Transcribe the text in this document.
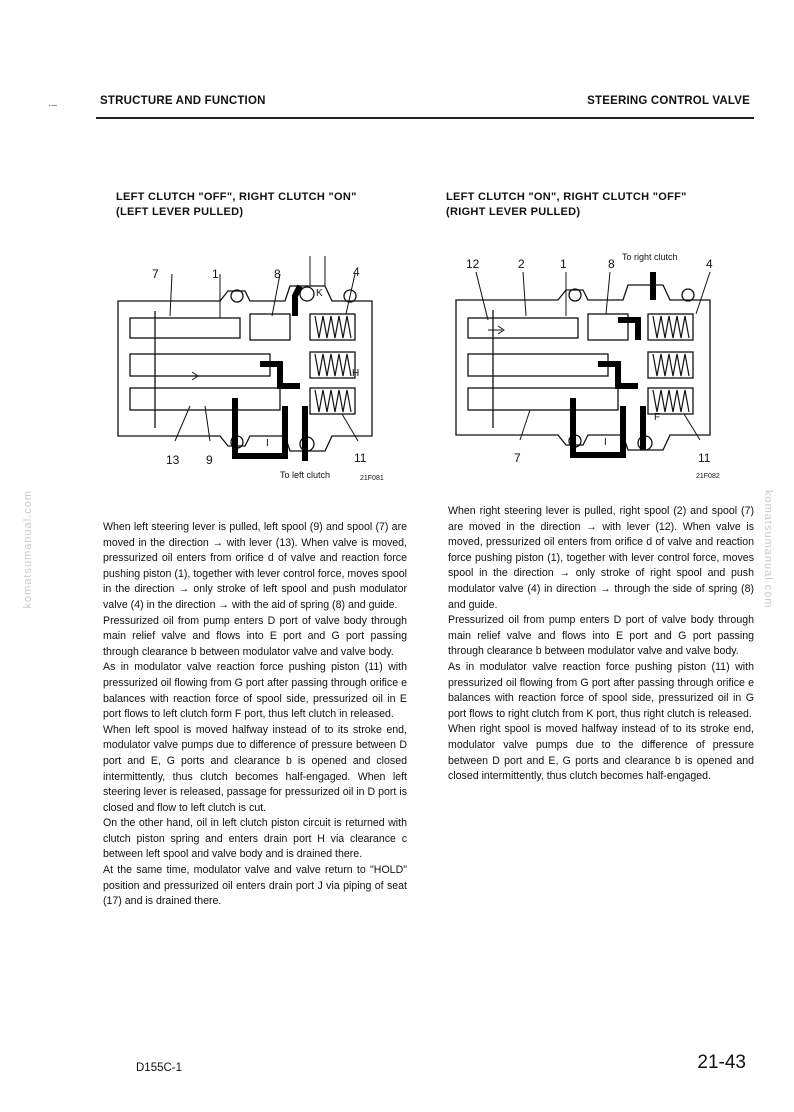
·–	STRUCTURE AND FUNCTION	STEERING CONTROL VALVE
LEFT CLUTCH "OFF", RIGHT CLUTCH "ON"
(LEFT LEVER PULLED)
LEFT CLUTCH "ON", RIGHT CLUTCH "OFF"
(RIGHT LEVER PULLED)
7	1	8	4
K
H
I
13 9	11
To left clutch	21F081
12	2	1	8	4
To right clutch
F
I
7	11
21F082

When left steering lever is pulled, left spool (9) and spool (7) are moved in the direction → with lever (13). When valve is moved, pressurized oil enters from orifice d of valve and reaction force pushing piston (1), together with lever control force, moves spool in the direction → only stroke of left spool and push modulator valve (4) in the direction → with the aid of spring (8) and guide.

Pressurized oil from pump enters D port of valve body through main relief valve and flows into E port and G port passing through clearance b between modulator valve and valve body.

As in modulator valve reaction force pushing piston (11) with pressurized oil flowing from G port after passing through orifice e balances with reaction force of spool side, pressurized oil in E port flows to left clutch form F port, thus left clutch in released.

When left spool is moved halfway instead of to its stroke end, modulator valve pumps due to difference of pressure between D port and E, G ports and clearance b is opened and closed intermittently, thus clutch becomes half-engaged. When left steering lever is released, passage for pressurized oil in D port is closed and flow to left clutch is cut.

On the other hand, oil in left clutch piston circuit is returned with clutch piston spring and enters drain port H via clearance c between left spool and valve body and is drained there.

At the same time, modulator valve and valve return to "HOLD" position and pressurized oil enters drain port J via piping of seat (17) and is drained there.

When right steering lever is pulled, right spool (2) and spool (7) are moved in the direction → with lever (12). When valve is moved, pressurized oil enters from orifice d of valve and reaction force pushing piston (1), together with lever control force, moves spool in the direction → only stroke of right spool and push modulator valve (4) in direction → through the side of spring (8) and guide.

Pressurized oil from pump enters D port of valve body through main relief valve and flows into E port and G port passing through clearance b between modulator valve and valve body.

As in modulator valve reaction force pushing piston (11) with pressurized oil flowing from G port after passing through orifice e balances with reaction force of spool side, pressurized oil in G port flows to right clutch from K port, thus right clutch is released.

When right spool is moved halfway instead of to its stroke end, modulator valve pumps due to the difference of pressure between D port and E, G ports and clearance b is opened and closed intermittently, thus clutch becomes half-engaged.

komatsumanual.com	komatsumanual.com
D155C-1	21-43
